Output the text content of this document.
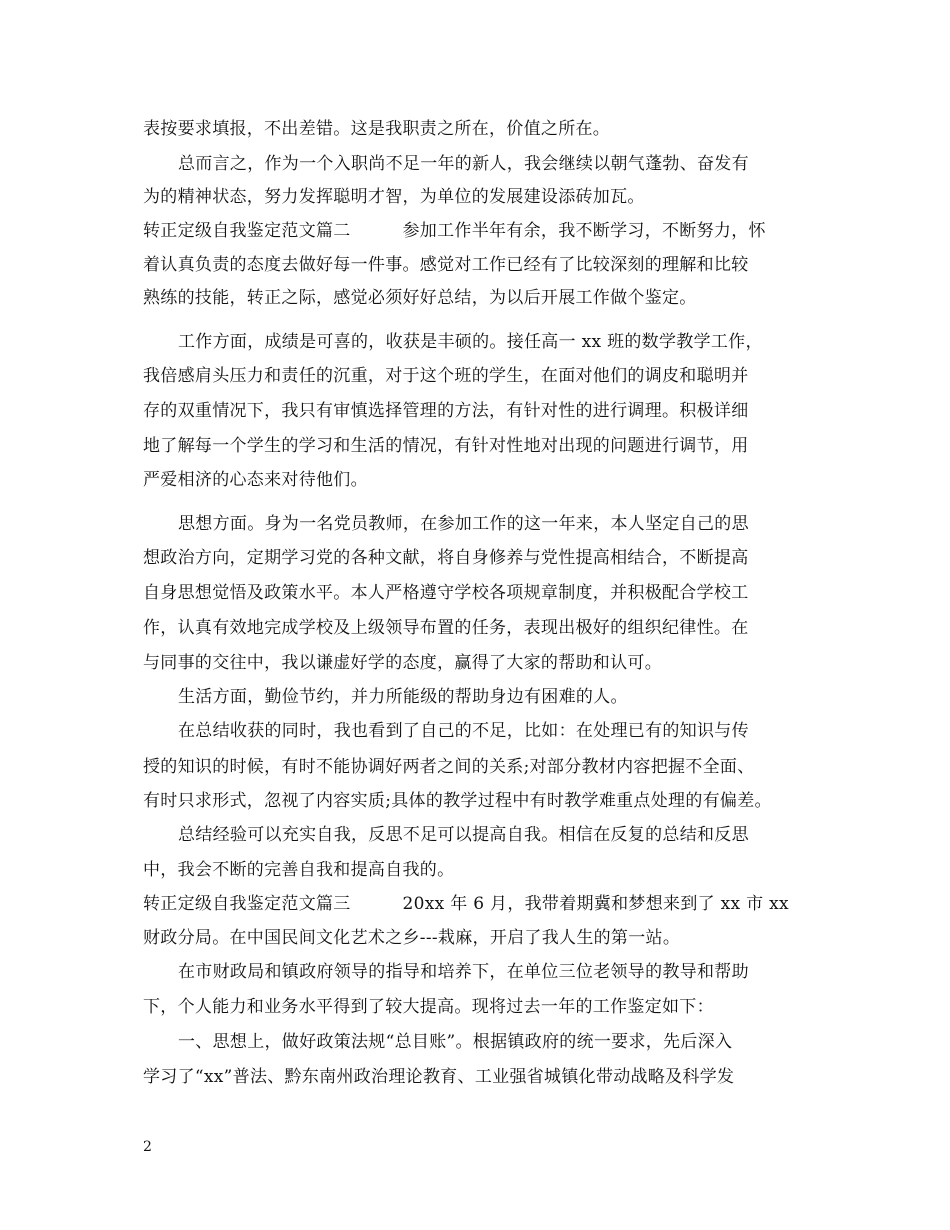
表按要求填报，不出差错。这是我职责之所在，价值之所在。
总而言之，作为一个入职尚不足一年的新人，我会继续以朝气蓬勃、奋发有
为的精神状态，努力发挥聪明才智，为单位的发展建设添砖加瓦。
转正定级自我鉴定范文篇二　　　参加工作半年有余，我不断学习，不断努力，怀
着认真负责的态度去做好每一件事。感觉对工作已经有了比较深刻的理解和比较
熟练的技能，转正之际，感觉必须好好总结，为以后开展工作做个鉴定。
工作方面，成绩是可喜的，收获是丰硕的。接任高一 xx 班的数学教学工作，
我倍感肩头压力和责任的沉重，对于这个班的学生，在面对他们的调皮和聪明并
存的双重情况下，我只有审慎选择管理的方法，有针对性的进行调理。积极详细
地了解每一个学生的学习和生活的情况，有针对性地对出现的问题进行调节，用
严爱相济的心态来对待他们。
思想方面。身为一名党员教师，在参加工作的这一年来，本人坚定自己的思
想政治方向，定期学习党的各种文献，将自身修养与党性提高相结合，不断提高
自身思想觉悟及政策水平。本人严格遵守学校各项规章制度，并积极配合学校工
作，认真有效地完成学校及上级领导布置的任务，表现出极好的组织纪律性。在
与同事的交往中，我以谦虚好学的态度，赢得了大家的帮助和认可。
生活方面，勤俭节约，并力所能级的帮助身边有困难的人。
在总结收获的同时，我也看到了自己的不足，比如：在处理已有的知识与传
授的知识的时候，有时不能协调好两者之间的关系;对部分教材内容把握不全面、
有时只求形式，忽视了内容实质;具体的教学过程中有时教学难重点处理的有偏差。
总结经验可以充实自我，反思不足可以提高自我。相信在反复的总结和反思
中，我会不断的完善自我和提高自我的。
转正定级自我鉴定范文篇三　　　20xx 年 6 月，我带着期冀和梦想来到了 xx 市 xx
财政分局。在中国民间文化艺术之乡---栽麻，开启了我人生的第一站。
在市财政局和镇政府领导的指导和培养下，在单位三位老领导的教导和帮助
下，个人能力和业务水平得到了较大提高。现将过去一年的工作鉴定如下：
一、思想上，做好政策法规“总目账”。根据镇政府的统一要求，先后深入
学习了“xx”普法、黔东南州政治理论教育、工业强省城镇化带动战略及科学发
2
